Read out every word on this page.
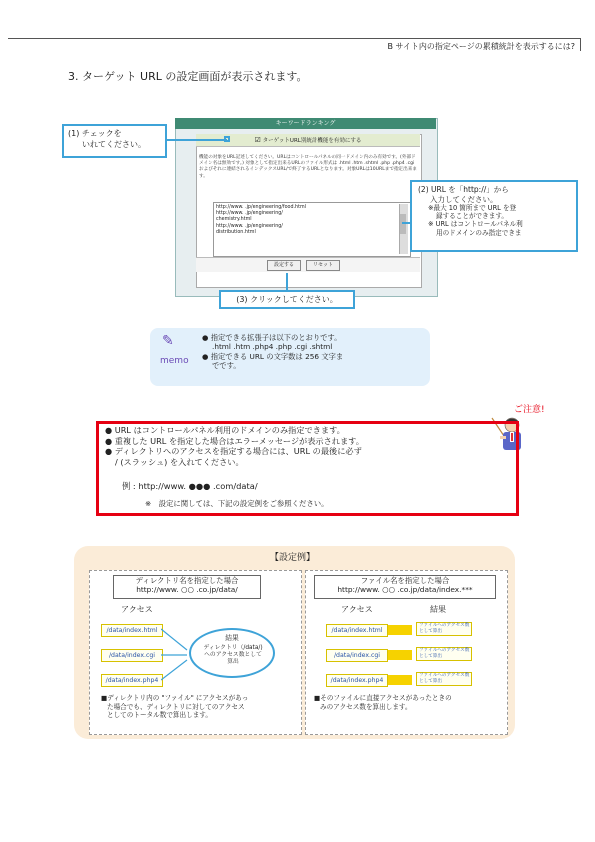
B サイト内の指定ページの累積統計を表示するには?
3. ターゲット URL の設定画面が表示されます。
キーワードランキング
☑ ターゲットURL別統計機能を有効にする
機能の対象をURL記述してください。URLはコントロールパネルの同一ドメイン内のみ有効です。(外部ドメイン名は無効です。) 対象として指定出来るURLのファイル形式は .html .htm .shtml .php .php4 .cgi およびそれに連結されるインデックスURL/で終了するURLとなります。対象URLは10URLまで指定出来ます。
http://www. .jp/engineering/food.html
http://www. .jp/engineering/
chemistry.html
http://www. .jp/engineering/
distribution.html
設定する	リセット
(1) チェックを
いれてください。
(2) URL を「http://」から
入力してください。
※最大 10 箇所まで URL を登
録することができます。
※ URL はコントロールパネル利
用のドメインのみ指定できま
(3) クリックしてください。
✎
memo
● 指定できる拡張子は以下のとおりです。
.html .htm .php4 .php .cgi .shtml
● 指定できる URL の文字数は 256 文字ま
でです。
ご注意!
● URL はコントロールパネル利用のドメインのみ指定できます。
● 重複した URL を指定した場合はエラーメッセージが表示されます。
● ディレクトリへのアクセスを指定する場合には、URL の最後に必ず
/ (スラッシュ) を入れてください。
例 : http://www. ●●● .com/data/
※　設定に関しては、下記の設定例をご参照ください。
【設定例】
ディレクトリ名を指定した場合
http://www. ○○ .co.jp/data/
アクセス
/data/index.html
/data/index.cgi
/data/index.php4
結果
ディレクトリ（/data/)
へのアクセス数として
算出
■ディレクトリ内の "ファイル" にアクセスがあっ
た場合でも、ディレクトリに対してのアクセス
としてのトータル数で算出します。
ファイル名を指定した場合
http://www. ○○ .co.jp/data/index.***
アクセス	結果
/data/index.html
/data/index.cgi
/data/index.php4
ファイルへのアクセス数
として算出
ファイルへのアクセス数
として算出
ファイルへのアクセス数
として算出
■そのファイルに直接アクセスがあったときの
みのアクセス数を算出します。
